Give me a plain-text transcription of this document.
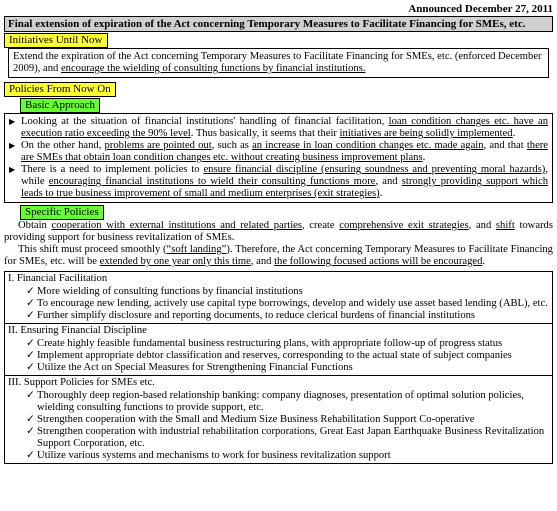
Announced December 27, 2011
Final extension of expiration of the Act concerning Temporary Measures to Facilitate Financing for SMEs, etc.
Initiatives Until Now
Extend the expiration of the Act concerning Temporary Measures to Facilitate Financing for SMEs, etc. (enforced December 2009), and encourage the wielding of consulting functions by financial institutions.
Policies From Now On
Basic Approach
▶ Looking at the situation of financial institutions' handling of financial facilitation, loan condition changes etc. have an execution ratio exceeding the 90% level. Thus basically, it seems that their initiatives are being solidly implemented.
▶ On the other hand, problems are pointed out, such as an increase in loan condition changes etc. made again, and that there are SMEs that obtain loan condition changes etc. without creating business improvement plans.
▶ There is a need to implement policies to ensure financial discipline (ensuring soundness and preventing moral hazards), while encouraging financial institutions to wield their consulting functions more, and strongly providing support which leads to true business improvement of small and medium enterprises (exit strategies).
Specific Policies
Obtain cooperation with external institutions and related parties, create comprehensive exit strategies, and shift towards providing support for business revitalization of SMEs.
This shift must proceed smoothly (“soft landing”). Therefore, the Act concerning Temporary Measures to Facilitate Financing for SMEs, etc. will be extended by one year only this time, and the following focused actions will be encouraged.
I. Financial Facilitation
✓ More wielding of consulting functions by financial institutions
✓ To encourage new lending, actively use capital type borrowings, develop and widely use asset based lending (ABL), etc.
✓ Further simplify disclosure and reporting documents, to reduce clerical burdens of financial institutions
II. Ensuring Financial Discipline
✓ Create highly feasible fundamental business restructuring plans, with appropriate follow-up of progress status
✓ Implement appropriate debtor classification and reserves, corresponding to the actual state of subject companies
✓ Utilize the Act on Special Measures for Strengthening Financial Functions
III. Support Policies for SMEs etc.
✓ Thoroughly deep region-based relationship banking: company diagnoses, presentation of optimal solution policies, wielding consulting functions to provide support, etc.
✓ Strengthen cooperation with the Small and Medium Size Business Rehabilitation Support Co-operative
✓ Strengthen cooperation with industrial rehabilitation corporations, Great East Japan Earthquake Business Revitalization Support Corporation, etc.
✓ Utilize various systems and mechanisms to work for business revitalization support
